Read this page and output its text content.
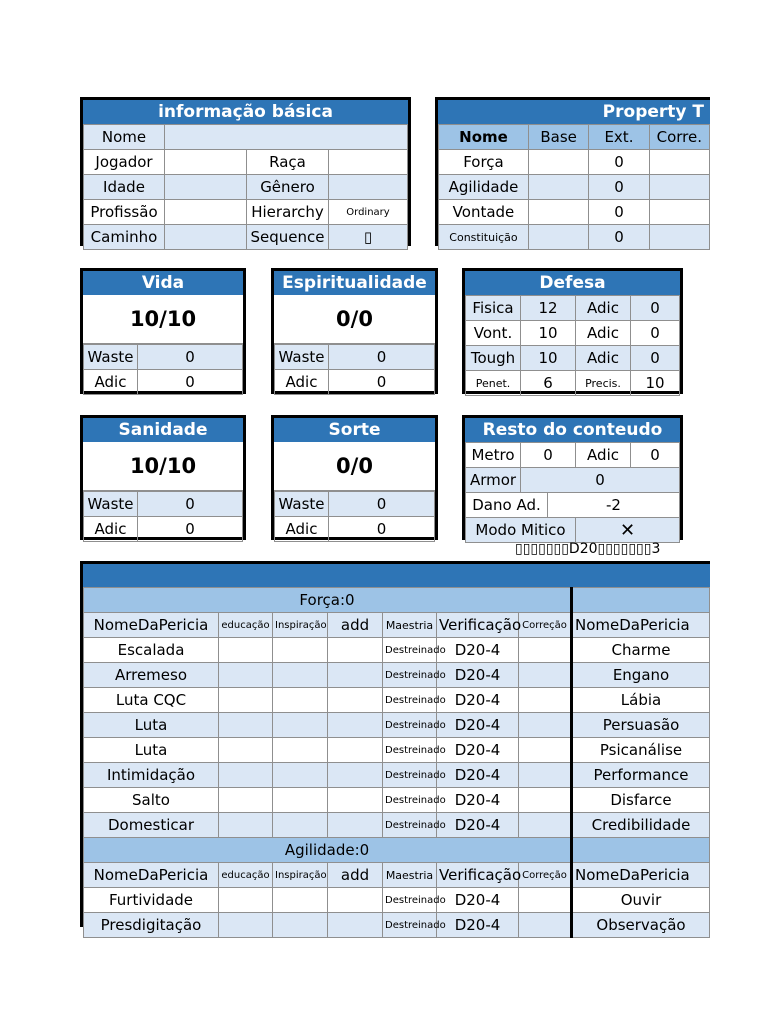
informação básica
Nome			
Jogador		Raça	
Idade		Gênero	
Profissão		Hierarchy	Ordinary
Caminho		Sequence	▯
Property T
Nome	Base	Ext.	Corre.
Força		0	
Agilidade		0	
Vontade		0	
Constituição		0	
Vida
10/10
Waste	0
Adic	0
Espiritualidade
0/0
Waste	0
Adic	0
Defesa
Fisica	12	Adic	0
Vont.	10	Adic	0
Tough	10	Adic	0
Penet.	6	Precis.	10
Sanidade
10/10
Waste	0
Adic	0
Sorte
0/0
Waste	0
Adic	0
Resto do conteudo
Metro	0		Adic	0
Armor	0			
Dano Ad.		-2		
Modo Mitico			✕	
▯▯▯▯▯▯▯D20▯▯▯▯▯▯▯3
Força:0							
NomeDaPericia	educação	Inspiração	add	Maestria	Verificação	Correção	NomeDaPericia
Escalada				Destreinado	D20-4		Charme
Arremeso				Destreinado	D20-4		Engano
Luta CQC				Destreinado	D20-4		Lábia
Luta				Destreinado	D20-4		Persuasão
Luta				Destreinado	D20-4		Psicanálise
Intimidação				Destreinado	D20-4		Performance
Salto				Destreinado	D20-4		Disfarce
Domesticar				Destreinado	D20-4		Credibilidade
Agilidade:0							
NomeDaPericia	educação	Inspiração	add	Maestria	Verificação	Correção	NomeDaPericia
Furtividade				Destreinado	D20-4		Ouvir
Presdigitação				Destreinado	D20-4		Observação
